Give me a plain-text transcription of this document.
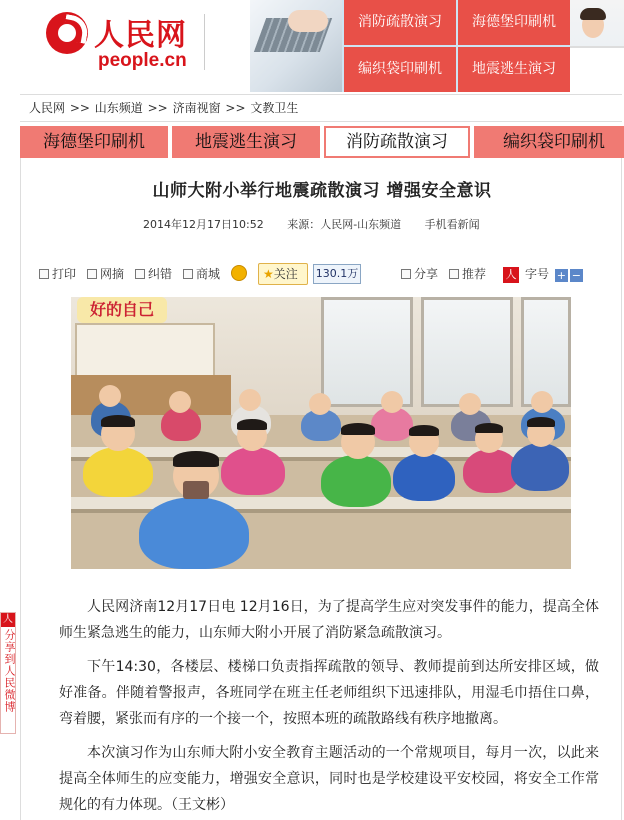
人民网
people.cn
消防疏散演习	海德堡印刷机
编织袋印刷机	地震逃生演习
人民网 >> 山东频道 >> 济南视窗 >> 文教卫生
海德堡印刷机	地震逃生演习	消防疏散演习	编织袋印刷机
山师大附小举行地震疏散演习 增强安全意识
2014年12月17日10:52 来源：人民网-山东频道 手机看新闻
打印	网摘	纠错	商城	★关注	130.1万	分享	推荐 人 字号 + −
好的自己

人民网济南12月17日电 12月16日，为了提高学生应对突发事件的能力，提高全体师生紧急逃生的能力，山东师大附小开展了消防紧急疏散演习。

下午14:30，各楼层、楼梯口负责指挥疏散的领导、教师提前到达所安排区域，做好准备。伴随着警报声，各班同学在班主任老师组织下迅速排队，用湿毛巾捂住口鼻，弯着腰，紧张而有序的一个接一个，按照本班的疏散路线有秩序地撤离。

本次演习作为山东师大附小安全教育主题活动的一个常规项目，每月一次，以此来提高全体师生的应变能力，增强安全意识，同时也是学校建设平安校园，将安全工作常规化的有力体现。（王文彬）

人
分享到人民微博
